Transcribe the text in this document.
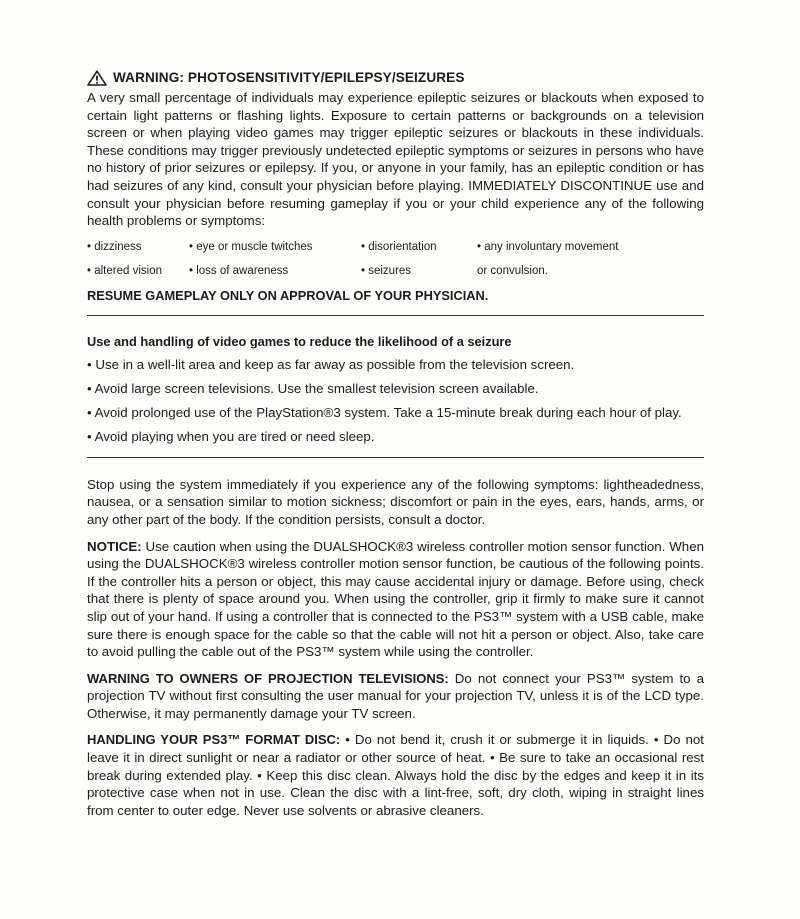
WARNING: PHOTOSENSITIVITY/EPILEPSY/SEIZURES

A very small percentage of individuals may experience epileptic seizures or blackouts when exposed to certain light patterns or flashing lights. Exposure to certain patterns or backgrounds on a television screen or when playing video games may trigger epileptic seizures or blackouts in these individuals. These conditions may trigger previously undetected epileptic symptoms or seizures in persons who have no history of prior seizures or epilepsy. If you, or anyone in your family, has an epileptic condition or has had seizures of any kind, consult your physician before playing. IMMEDIATELY DISCONTINUE use and consult your physician before resuming gameplay if you or your child experience any of the following health problems or symptoms:

• dizziness	• eye or muscle twitches	• disorientation	• any involuntary movement
• altered vision	• loss of awareness	• seizures	or convulsion.

RESUME GAMEPLAY ONLY ON APPROVAL OF YOUR PHYSICIAN.

Use and handling of video games to reduce the likelihood of a seizure

• Use in a well-lit area and keep as far away as possible from the television screen.
• Avoid large screen televisions. Use the smallest television screen available.
• Avoid prolonged use of the PlayStation®3 system. Take a 15-minute break during each hour of play.
• Avoid playing when you are tired or need sleep.

Stop using the system immediately if you experience any of the following symptoms: lightheadedness, nausea, or a sensation similar to motion sickness; discomfort or pain in the eyes, ears, hands, arms, or any other part of the body. If the condition persists, consult a doctor.

NOTICE: Use caution when using the DUALSHOCK®3 wireless controller motion sensor function. When using the DUALSHOCK®3 wireless controller motion sensor function, be cautious of the following points. If the controller hits a person or object, this may cause accidental injury or damage. Before using, check that there is plenty of space around you. When using the controller, grip it firmly to make sure it cannot slip out of your hand. If using a controller that is connected to the PS3™ system with a USB cable, make sure there is enough space for the cable so that the cable will not hit a person or object. Also, take care to avoid pulling the cable out of the PS3™ system while using the controller.

WARNING TO OWNERS OF PROJECTION TELEVISIONS: Do not connect your PS3™ system to a projection TV without first consulting the user manual for your projection TV, unless it is of the LCD type. Otherwise, it may permanently damage your TV screen.

HANDLING YOUR PS3™ FORMAT DISC: • Do not bend it, crush it or submerge it in liquids. • Do not leave it in direct sunlight or near a radiator or other source of heat. • Be sure to take an occasional rest break during extended play. • Keep this disc clean. Always hold the disc by the edges and keep it in its protective case when not in use. Clean the disc with a lint-free, soft, dry cloth, wiping in straight lines from center to outer edge. Never use solvents or abrasive cleaners.
